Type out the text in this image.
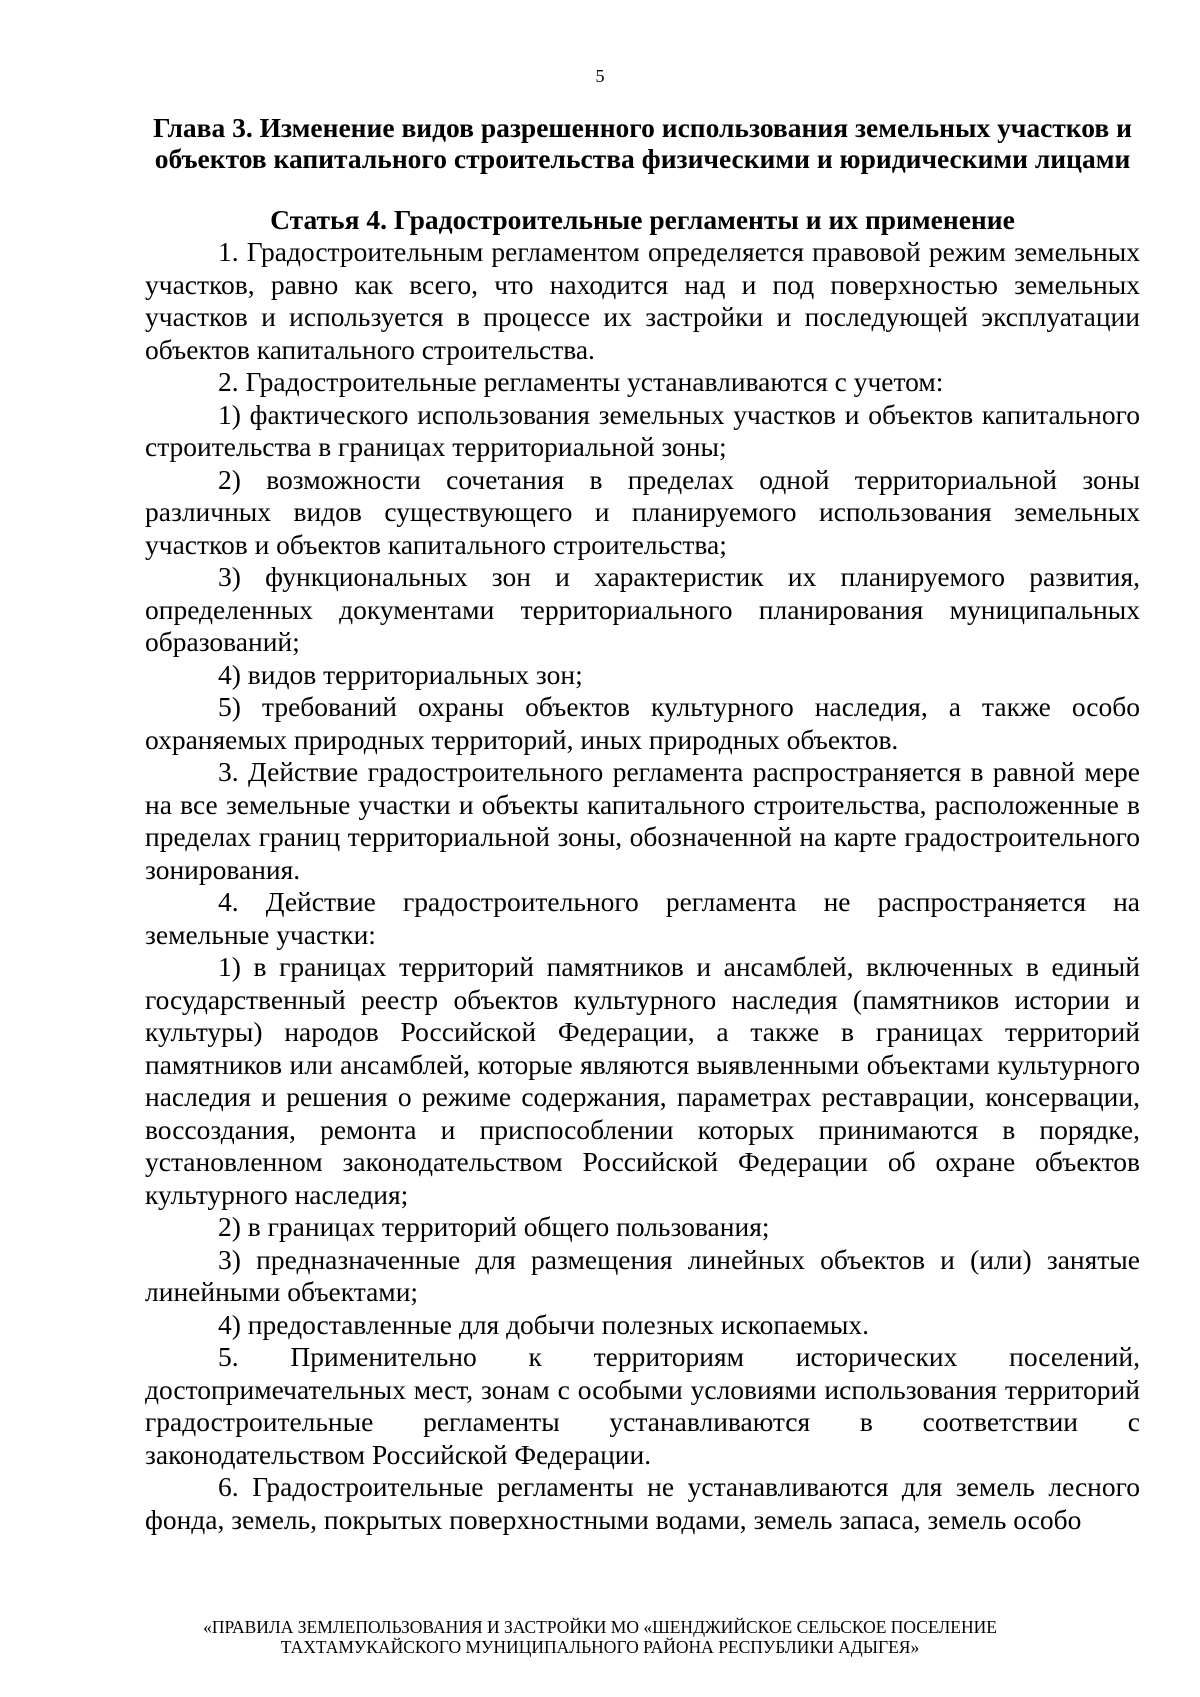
5
Глава 3. Изменение видов разрешенного использования земельных участков и объектов капитального строительства физическими и юридическими лицами
Статья 4. Градостроительные регламенты и их применение

1. Градостроительным регламентом определяется правовой режим земельных участков, равно как всего, что находится над и под поверхностью земельных участков и используется в процессе их застройки и последующей эксплуатации объектов капитального строительства.

2. Градостроительные регламенты устанавливаются с учетом:

1) фактического использования земельных участков и объектов капитального строительства в границах территориальной зоны;

2) возможности сочетания в пределах одной территориальной зоны различных видов существующего и планируемого использования земельных участков и объектов капитального строительства;

3) функциональных зон и характеристик их планируемого развития, определенных документами территориального планирования муниципальных образований;

4) видов территориальных зон;

5) требований охраны объектов культурного наследия, а также особо охраняемых природных территорий, иных природных объектов.

3. Действие градостроительного регламента распространяется в равной мере на все земельные участки и объекты капитального строительства, расположенные в пределах границ территориальной зоны, обозначенной на карте градостроительного зонирования.

4. Действие градостроительного регламента не распространяется на земельные участки:

1) в границах территорий памятников и ансамблей, включенных в единый государственный реестр объектов культурного наследия (памятников истории и культуры) народов Российской Федерации, а также в границах территорий памятников или ансамблей, которые являются выявленными объектами культурного наследия и решения о режиме содержания, параметрах реставрации, консервации, воссоздания, ремонта и приспособлении которых принимаются в порядке, установленном законодательством Российской Федерации об охране объектов культурного наследия;

2) в границах территорий общего пользования;

3) предназначенные для размещения линейных объектов и (или) занятые линейными объектами;

4) предоставленные для добычи полезных ископаемых.

5. Применительно к территориям исторических поселений, достопримечательных мест, зонам с особыми условиями использования территорий градостроительные регламенты устанавливаются в соответствии с законодательством Российской Федерации.

6. Градостроительные регламенты не устанавливаются для земель лесного фонда, земель, покрытых поверхностными водами, земель запаса, земель особо

«ПРАВИЛА ЗЕМЛЕПОЛЬЗОВАНИЯ И ЗАСТРОЙКИ МО «ШЕНДЖИЙСКОЕ СЕЛЬСКОЕ ПОСЕЛЕНИЕ
ТАХТАМУКАЙСКОГО МУНИЦИПАЛЬНОГО РАЙОНА РЕСПУБЛИКИ АДЫГЕЯ»
